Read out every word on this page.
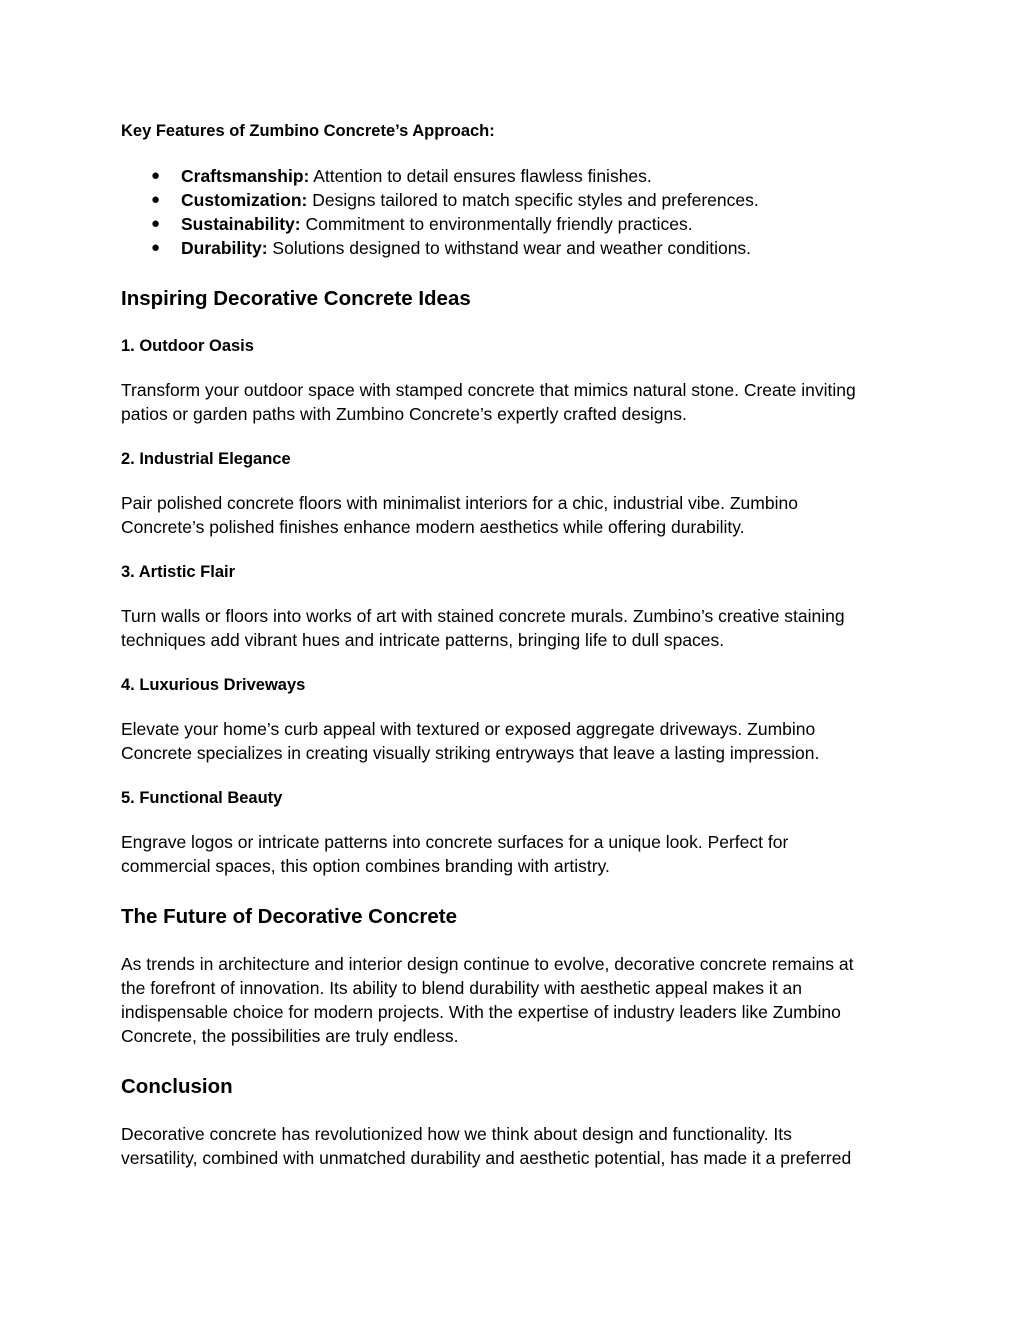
Key Features of Zumbino Concrete’s Approach:
● Craftsmanship: Attention to detail ensures flawless finishes.
● Customization: Designs tailored to match specific styles and preferences.
● Sustainability: Commitment to environmentally friendly practices.
● Durability: Solutions designed to withstand wear and weather conditions.
Inspiring Decorative Concrete Ideas
1. Outdoor Oasis
Transform your outdoor space with stamped concrete that mimics natural stone. Create inviting
patios or garden paths with Zumbino Concrete’s expertly crafted designs.
2. Industrial Elegance
Pair polished concrete floors with minimalist interiors for a chic, industrial vibe. Zumbino
Concrete’s polished finishes enhance modern aesthetics while offering durability.
3. Artistic Flair
Turn walls or floors into works of art with stained concrete murals. Zumbino’s creative staining
techniques add vibrant hues and intricate patterns, bringing life to dull spaces.
4. Luxurious Driveways
Elevate your home’s curb appeal with textured or exposed aggregate driveways. Zumbino
Concrete specializes in creating visually striking entryways that leave a lasting impression.
5. Functional Beauty
Engrave logos or intricate patterns into concrete surfaces for a unique look. Perfect for
commercial spaces, this option combines branding with artistry.
The Future of Decorative Concrete
As trends in architecture and interior design continue to evolve, decorative concrete remains at
the forefront of innovation. Its ability to blend durability with aesthetic appeal makes it an
indispensable choice for modern projects. With the expertise of industry leaders like Zumbino
Concrete, the possibilities are truly endless.
Conclusion
Decorative concrete has revolutionized how we think about design and functionality. Its
versatility, combined with unmatched durability and aesthetic potential, has made it a preferred
